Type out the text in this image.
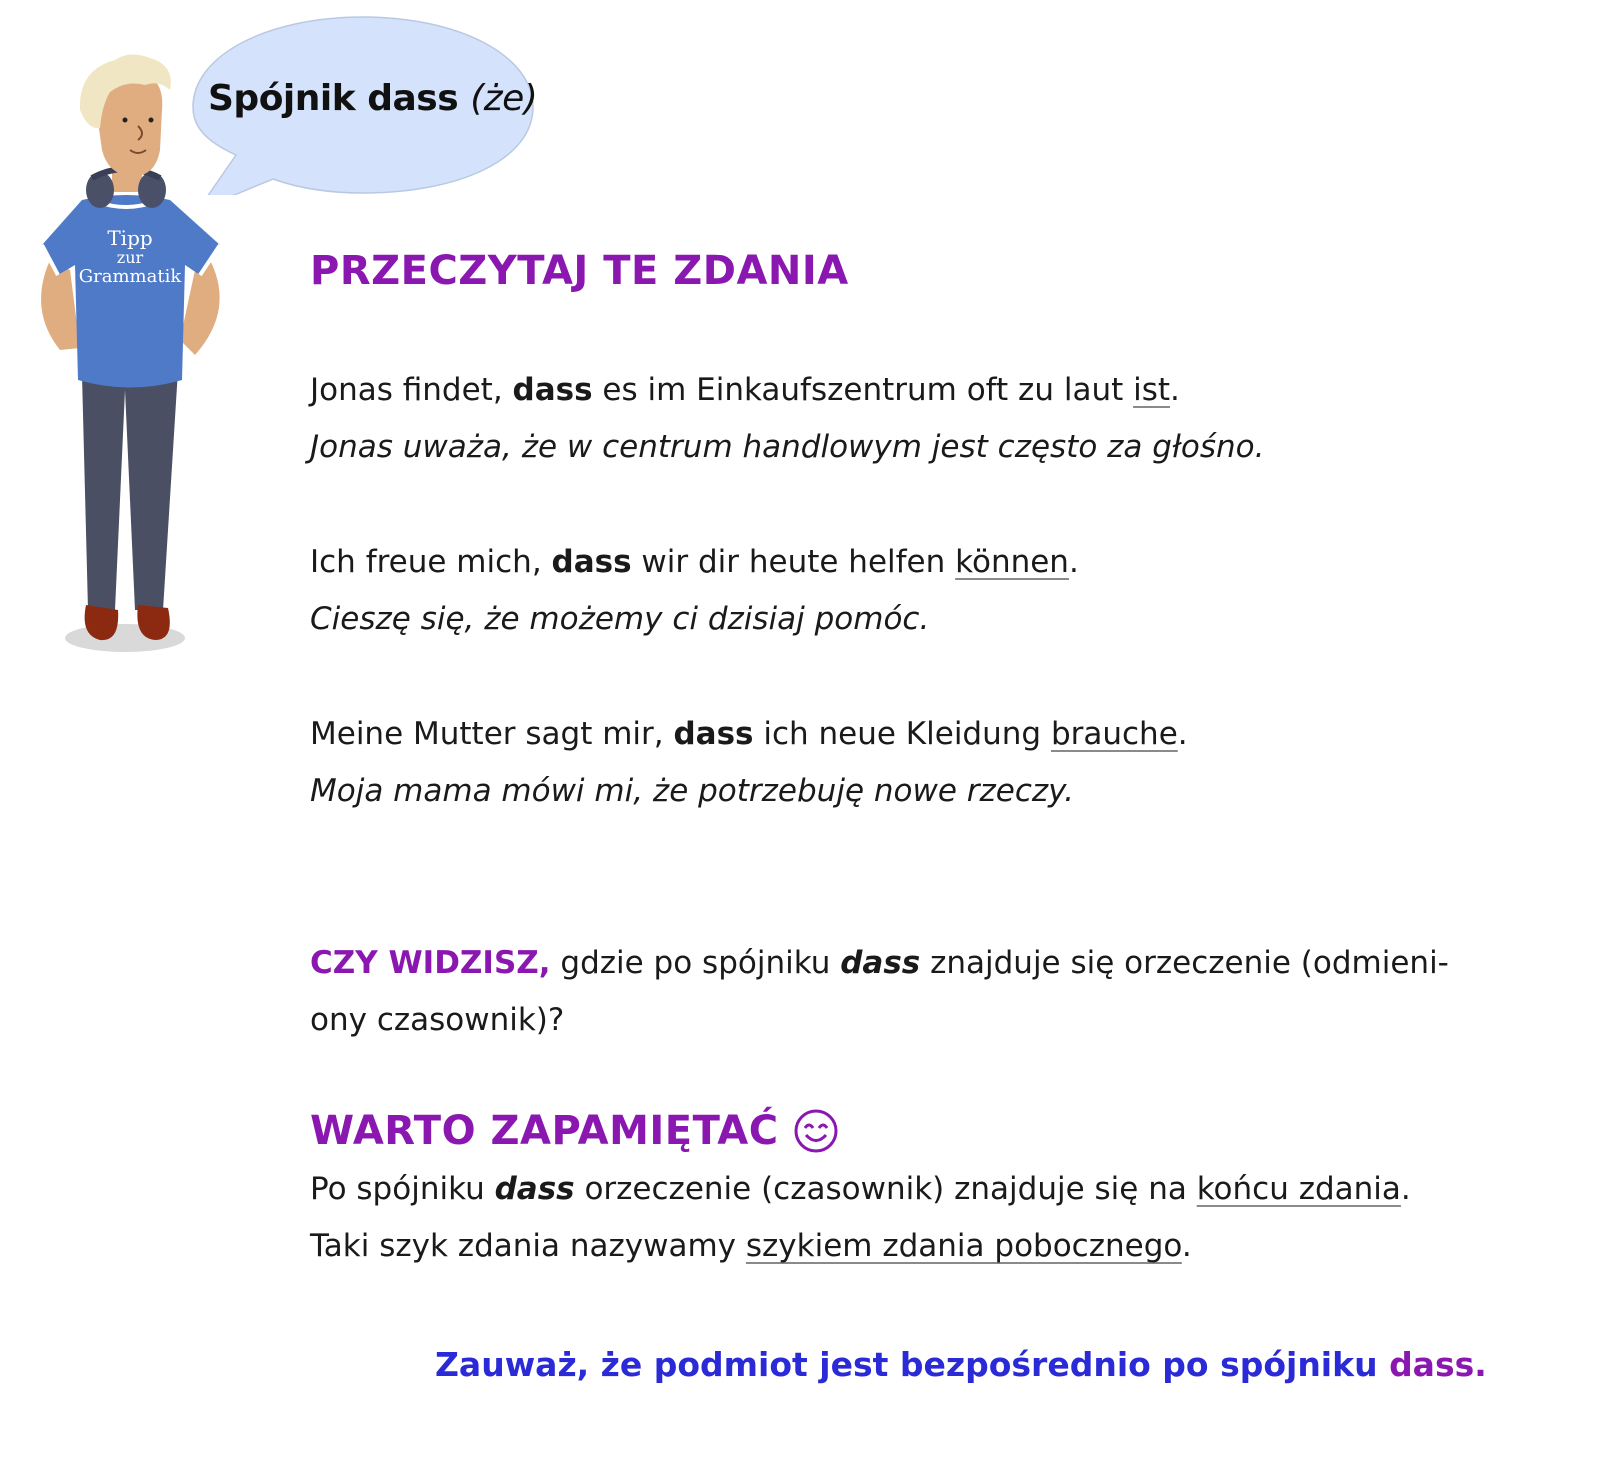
Spójnik dass (że)
Tipp
zur
Grammatik	PRZECZYTAJ TE ZDANIA
Jonas findet, dass es im Einkaufszentrum oft zu laut ist.
Jonas uważa, że w centrum handlowym jest często za głośno.
Ich freue mich, dass wir dir heute helfen können.
Cieszę się, że możemy ci dzisiaj pomóc.
Meine Mutter sagt mir, dass ich neue Kleidung brauche.
Moja mama mówi mi, że potrzebuję nowe rzeczy.
CZY WIDZISZ, gdzie po spójniku dass znajduje się orzeczenie (odmieni-
ony czasownik)?
WARTO ZAPAMIĘTAĆ
Po spójniku dass orzeczenie (czasownik) znajduje się na końcu zdania.
Taki szyk zdania nazywamy szykiem zdania pobocznego.
Zauważ, że podmiot jest bezpośrednio po spójniku dass.
